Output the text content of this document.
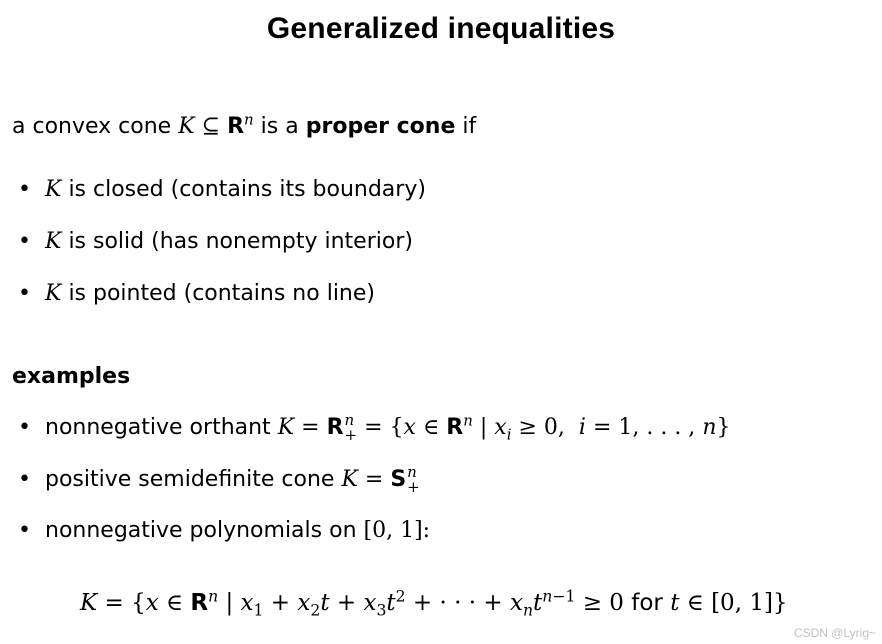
Generalized inequalities
a convex cone K ⊆ $R^n$ is a proper cone if
• K is closed (contains its boundary)
• K is solid (has nonempty interior)
• K is pointed (contains no line)
examples
• nonnegative orthant K = R n
+ = {x ∈ $R^n$ | $x_i \ge 0$,  i = 1, . . . , n}
• positive semidefinite cone K = S n
+
• nonnegative polynomials on [0, 1]:
K = {x ∈ $R^n$ | $x_1 + x_2t + x_3t^2$ + · · · + $x_nt^{n-1} \ge 0$ for t ∈ [0, 1]}
CSDN @Lyrig~
